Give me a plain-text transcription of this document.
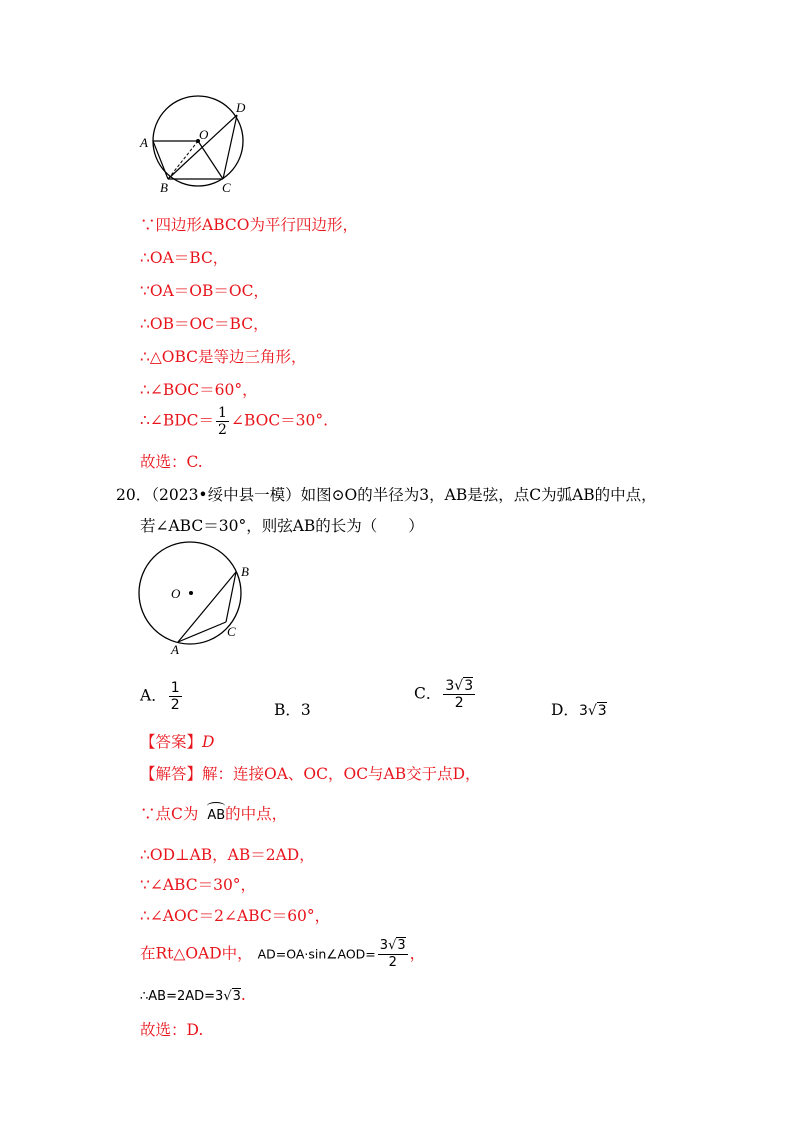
A
B	C
D
O
∵四边形ABCO为平行四边形，
∴OA＝BC，
∵OA＝OB＝OC，
∴OB＝OC＝BC，
∴△OBC是等边三角形，
∴∠BOC＝60°，
∴∠BDC＝ $\frac{1}{2}$ ∠BOC＝30°.
故选：C.
20．（2023•绥中县一模）如图⊙O的半径为3，AB是弦，点C为弧AB的中点，
若∠ABC＝30°，则弦AB的长为（　　）
O
A
B
C
A． $\frac{1}{2}$	B．3
C． $\frac{3√3}{2}$	D．3√3
【答案】D
【解答】解：连接OA、OC，OC与AB交于点D，
∵点C为 AB的中点，
∴OD⊥AB，AB＝2AD，
∵∠ABC＝30°，
∴∠AOC＝2∠ABC＝60°，
在Rt△OAD中， AD=OA·sin∠AOD= $\frac{3√3}{2}$ ，
∴AB=2AD=3√3.
故选：D.
